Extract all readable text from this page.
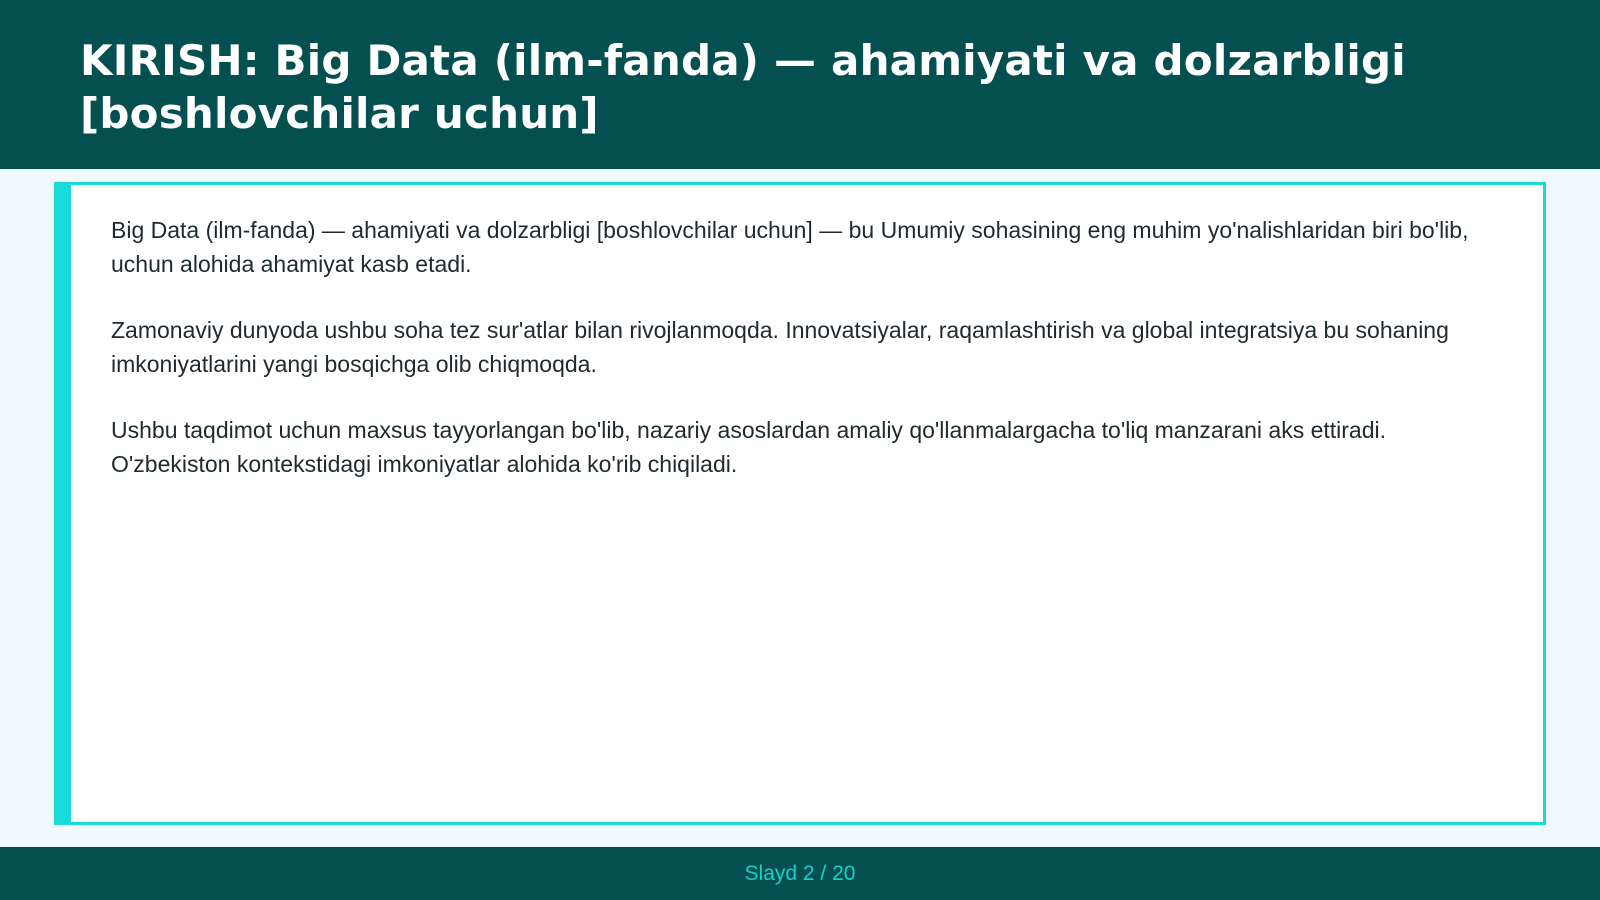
KIRISH: Big Data (ilm-fanda) — ahamiyati va dolzarbligi [boshlovchilar uchun]

Big Data (ilm-fanda) — ahamiyati va dolzarbligi [boshlovchilar uchun] — bu Umumiy sohasining eng muhim yo'nalishlaridan biri bo'lib, uchun alohida ahamiyat kasb etadi.

Zamonaviy dunyoda ushbu soha tez sur'atlar bilan rivojlanmoqda. Innovatsiyalar, raqamlashtirish va global integratsiya bu sohaning imkoniyatlarini yangi bosqichga olib chiqmoqda.

Ushbu taqdimot uchun maxsus tayyorlangan bo'lib, nazariy asoslardan amaliy qo'llanmalargacha to'liq manzarani aks ettiradi. O'zbekiston kontekstidagi imkoniyatlar alohida ko'rib chiqiladi.

Slayd 2 / 20
